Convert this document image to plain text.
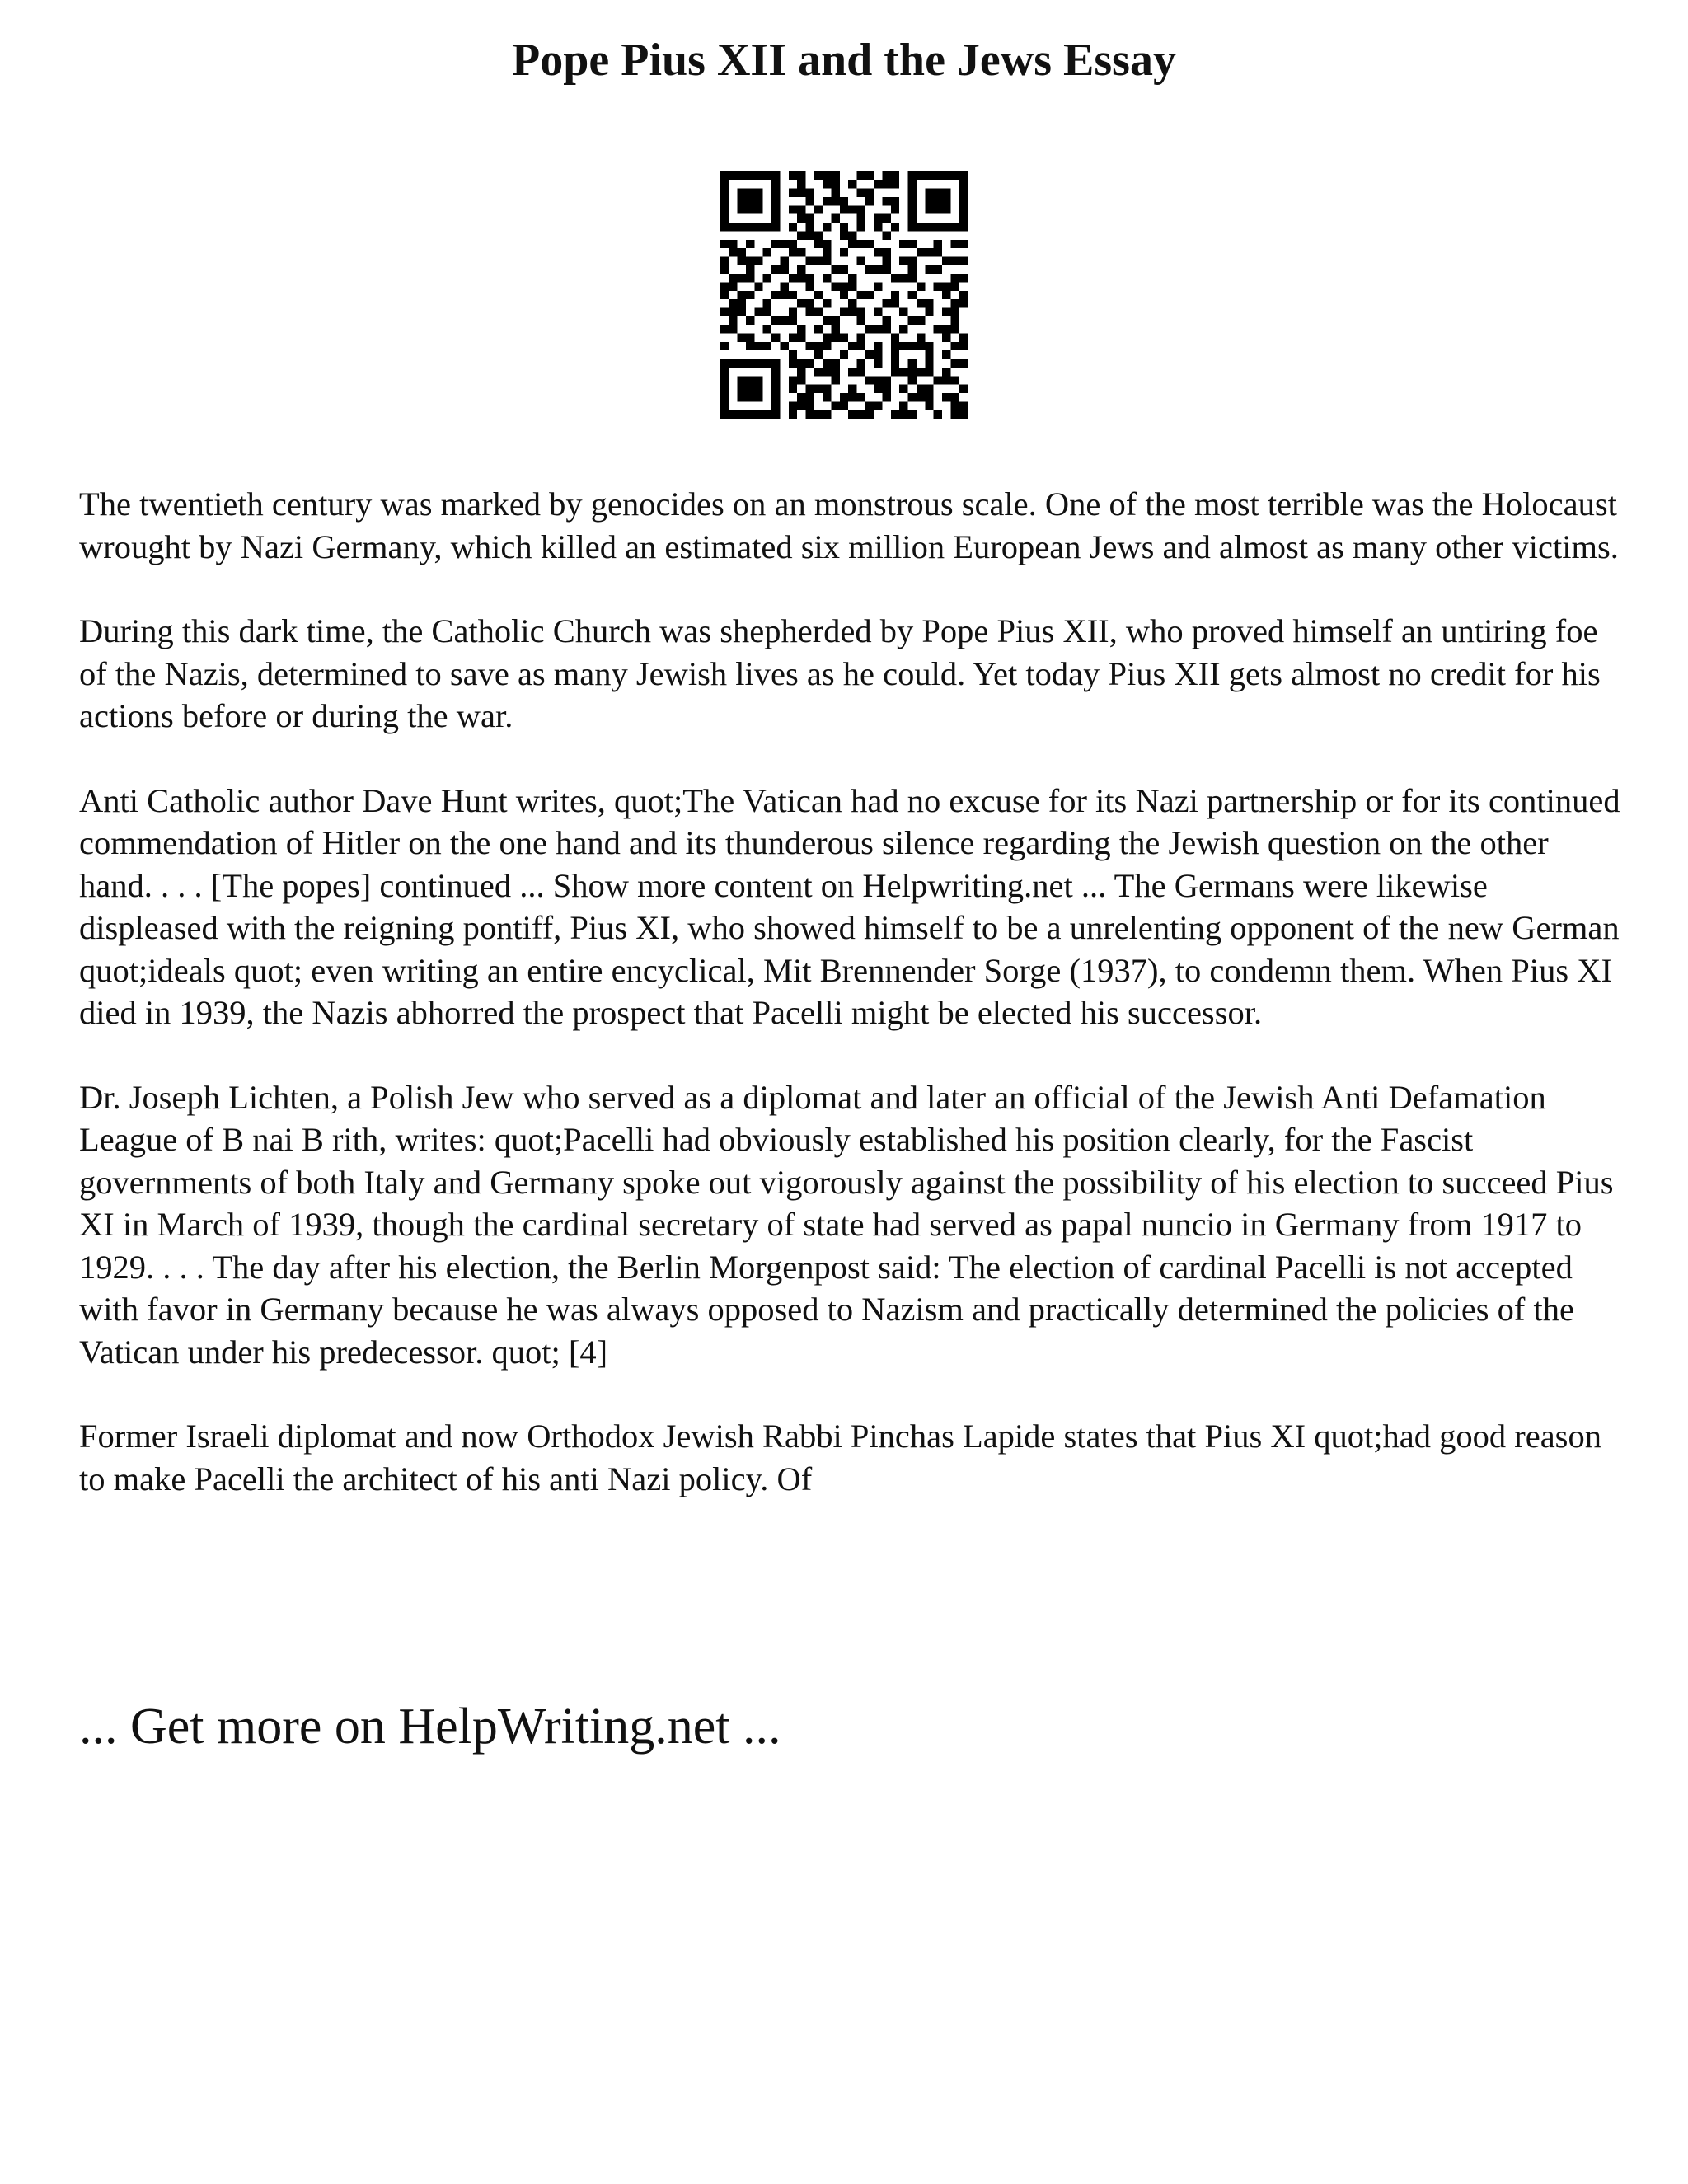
Pope Pius XII and the Jews Essay

The twentieth century was marked by genocides on an monstrous scale. One of the most terrible was the Holocaust wrought by Nazi Germany, which killed an estimated six million European Jews and almost as many other victims.

During this dark time, the Catholic Church was shepherded by Pope Pius XII, who proved himself an untiring foe of the Nazis, determined to save as many Jewish lives as he could. Yet today Pius XII gets almost no credit for his actions before or during the war.

Anti Catholic author Dave Hunt writes, quot;The Vatican had no excuse for its Nazi partnership or for its continued commendation of Hitler on the one hand and its thunderous silence regarding the Jewish question on the other hand. . . . [The popes] continued ... Show more content on Helpwriting.net ... The Germans were likewise displeased with the reigning pontiff, Pius XI, who showed himself to be a unrelenting opponent of the new German quot;ideals quot; even writing an entire encyclical, Mit Brennender Sorge (1937), to condemn them. When Pius XI died in 1939, the Nazis abhorred the prospect that Pacelli might be elected his successor.

Dr. Joseph Lichten, a Polish Jew who served as a diplomat and later an official of the Jewish Anti Defamation League of B nai B rith, writes: quot;Pacelli had obviously established his position clearly, for the Fascist governments of both Italy and Germany spoke out vigorously against the possibility of his election to succeed Pius XI in March of 1939, though the cardinal secretary of state had served as papal nuncio in Germany from 1917 to 1929. . . . The day after his election, the Berlin Morgenpost said: The election of cardinal Pacelli is not accepted with favor in Germany because he was always opposed to Nazism and practically determined the policies of the Vatican under his predecessor. quot; [4]

Former Israeli diplomat and now Orthodox Jewish Rabbi Pinchas Lapide states that Pius XI quot;had good reason to make Pacelli the architect of his anti Nazi policy. Of

... Get more on HelpWriting.net ...
